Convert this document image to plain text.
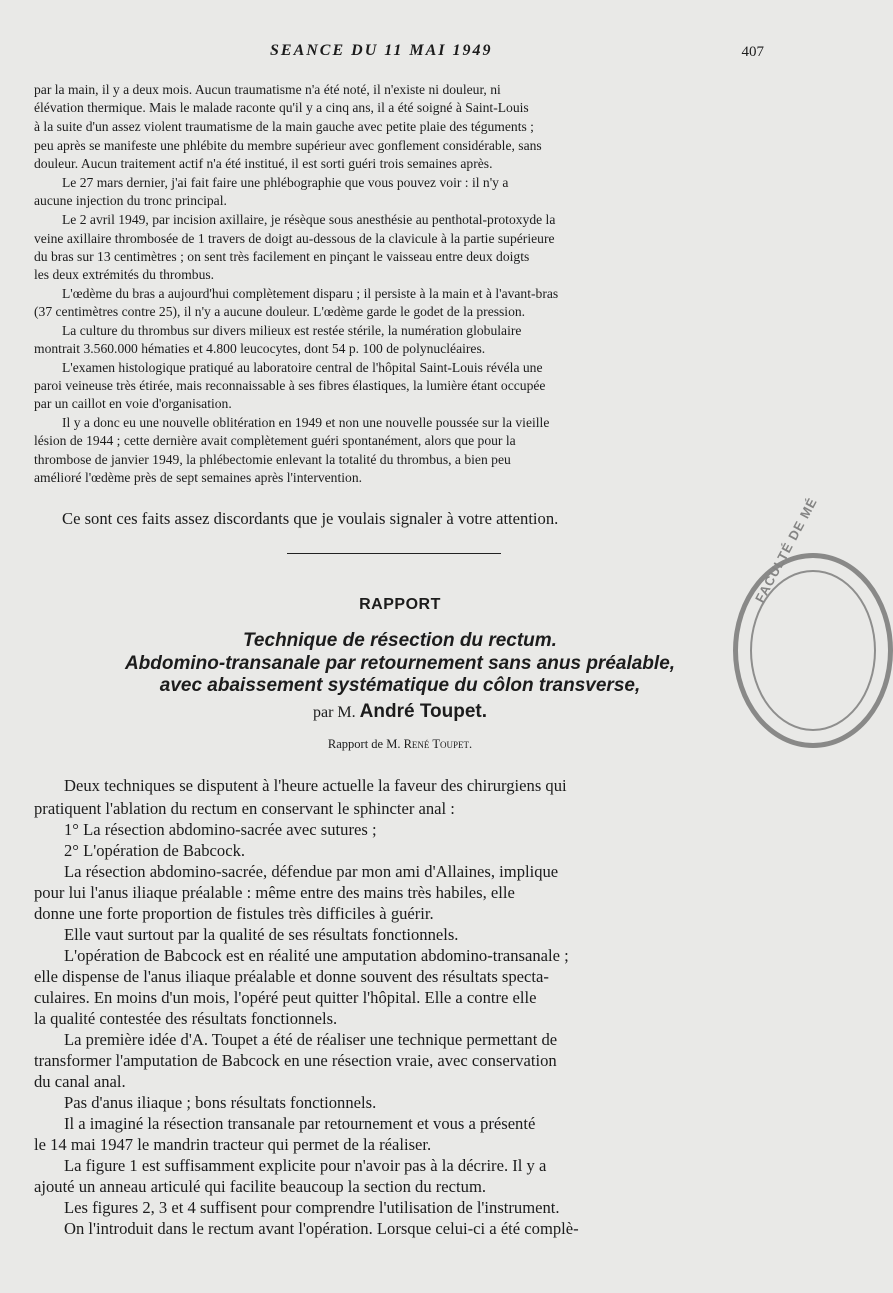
SEANCE DU 11 MAI 1949	407
par la main, il y a deux mois. Aucun traumatisme n'a été noté, il n'existe ni douleur, ni
élévation thermique. Mais le malade raconte qu'il y a cinq ans, il a été soigné à Saint-Louis
à la suite d'un assez violent traumatisme de la main gauche avec petite plaie des téguments ;
peu après se manifeste une phlébite du membre supérieur avec gonflement considérable, sans
douleur. Aucun traitement actif n'a été institué, il est sorti guéri trois semaines après.
Le 27 mars dernier, j'ai fait faire une phlébographie que vous pouvez voir : il n'y a
aucune injection du tronc principal.
Le 2 avril 1949, par incision axillaire, je résèque sous anesthésie au penthotal-protoxyde la
veine axillaire thrombosée de 1 travers de doigt au-dessous de la clavicule à la partie supérieure
du bras sur 13 centimètres ; on sent très facilement en pinçant le vaisseau entre deux doigts
les deux extrémités du thrombus.
L'œdème du bras a aujourd'hui complètement disparu ; il persiste à la main et à l'avant-bras
(37 centimètres contre 25), il n'y a aucune douleur. L'œdème garde le godet de la pression.
La culture du thrombus sur divers milieux est restée stérile, la numération globulaire
montrait 3.560.000 hématies et 4.800 leucocytes, dont 54 p. 100 de polynucléaires.
L'examen histologique pratiqué au laboratoire central de l'hôpital Saint-Louis révéla une
paroi veineuse très étirée, mais reconnaissable à ses fibres élastiques, la lumière étant occupée
par un caillot en voie d'organisation.
Il y a donc eu une nouvelle oblitération en 1949 et non une nouvelle poussée sur la vieille
lésion de 1944 ; cette dernière avait complètement guéri spontanément, alors que pour la
thrombose de janvier 1949, la phlébectomie enlevant la totalité du thrombus, a bien peu
amélioré l'œdème près de sept semaines après l'intervention.
Ce sont ces faits assez discordants que je voulais signaler à votre attention.	FACULTÉ DE MÉ
RAPPORT
Technique de résection du rectum.
Abdomino-transanale par retournement sans anus préalable,
avec abaissement systématique du côlon transverse,
par M. André Toupet.
Rapport de M. René Toupet.
Deux techniques se disputent à l'heure actuelle la faveur des chirurgiens qui
pratiquent l'ablation du rectum en conservant le sphincter anal :
1° La résection abdomino-sacrée avec sutures ;
2° L'opération de Babcock.
La résection abdomino-sacrée, défendue par mon ami d'Allaines, implique
pour lui l'anus iliaque préalable : même entre des mains très habiles, elle
donne une forte proportion de fistules très difficiles à guérir.
Elle vaut surtout par la qualité de ses résultats fonctionnels.
L'opération de Babcock est en réalité une amputation abdomino-transanale ;
elle dispense de l'anus iliaque préalable et donne souvent des résultats specta-
culaires. En moins d'un mois, l'opéré peut quitter l'hôpital. Elle a contre elle
la qualité contestée des résultats fonctionnels.
La première idée d'A. Toupet a été de réaliser une technique permettant de
transformer l'amputation de Babcock en une résection vraie, avec conservation
du canal anal.
Pas d'anus iliaque ; bons résultats fonctionnels.
Il a imaginé la résection transanale par retournement et vous a présenté
le 14 mai 1947 le mandrin tracteur qui permet de la réaliser.
La figure 1 est suffisamment explicite pour n'avoir pas à la décrire. Il y a
ajouté un anneau articulé qui facilite beaucoup la section du rectum.
Les figures 2, 3 et 4 suffisent pour comprendre l'utilisation de l'instrument.
On l'introduit dans le rectum avant l'opération. Lorsque celui-ci a été complè-
